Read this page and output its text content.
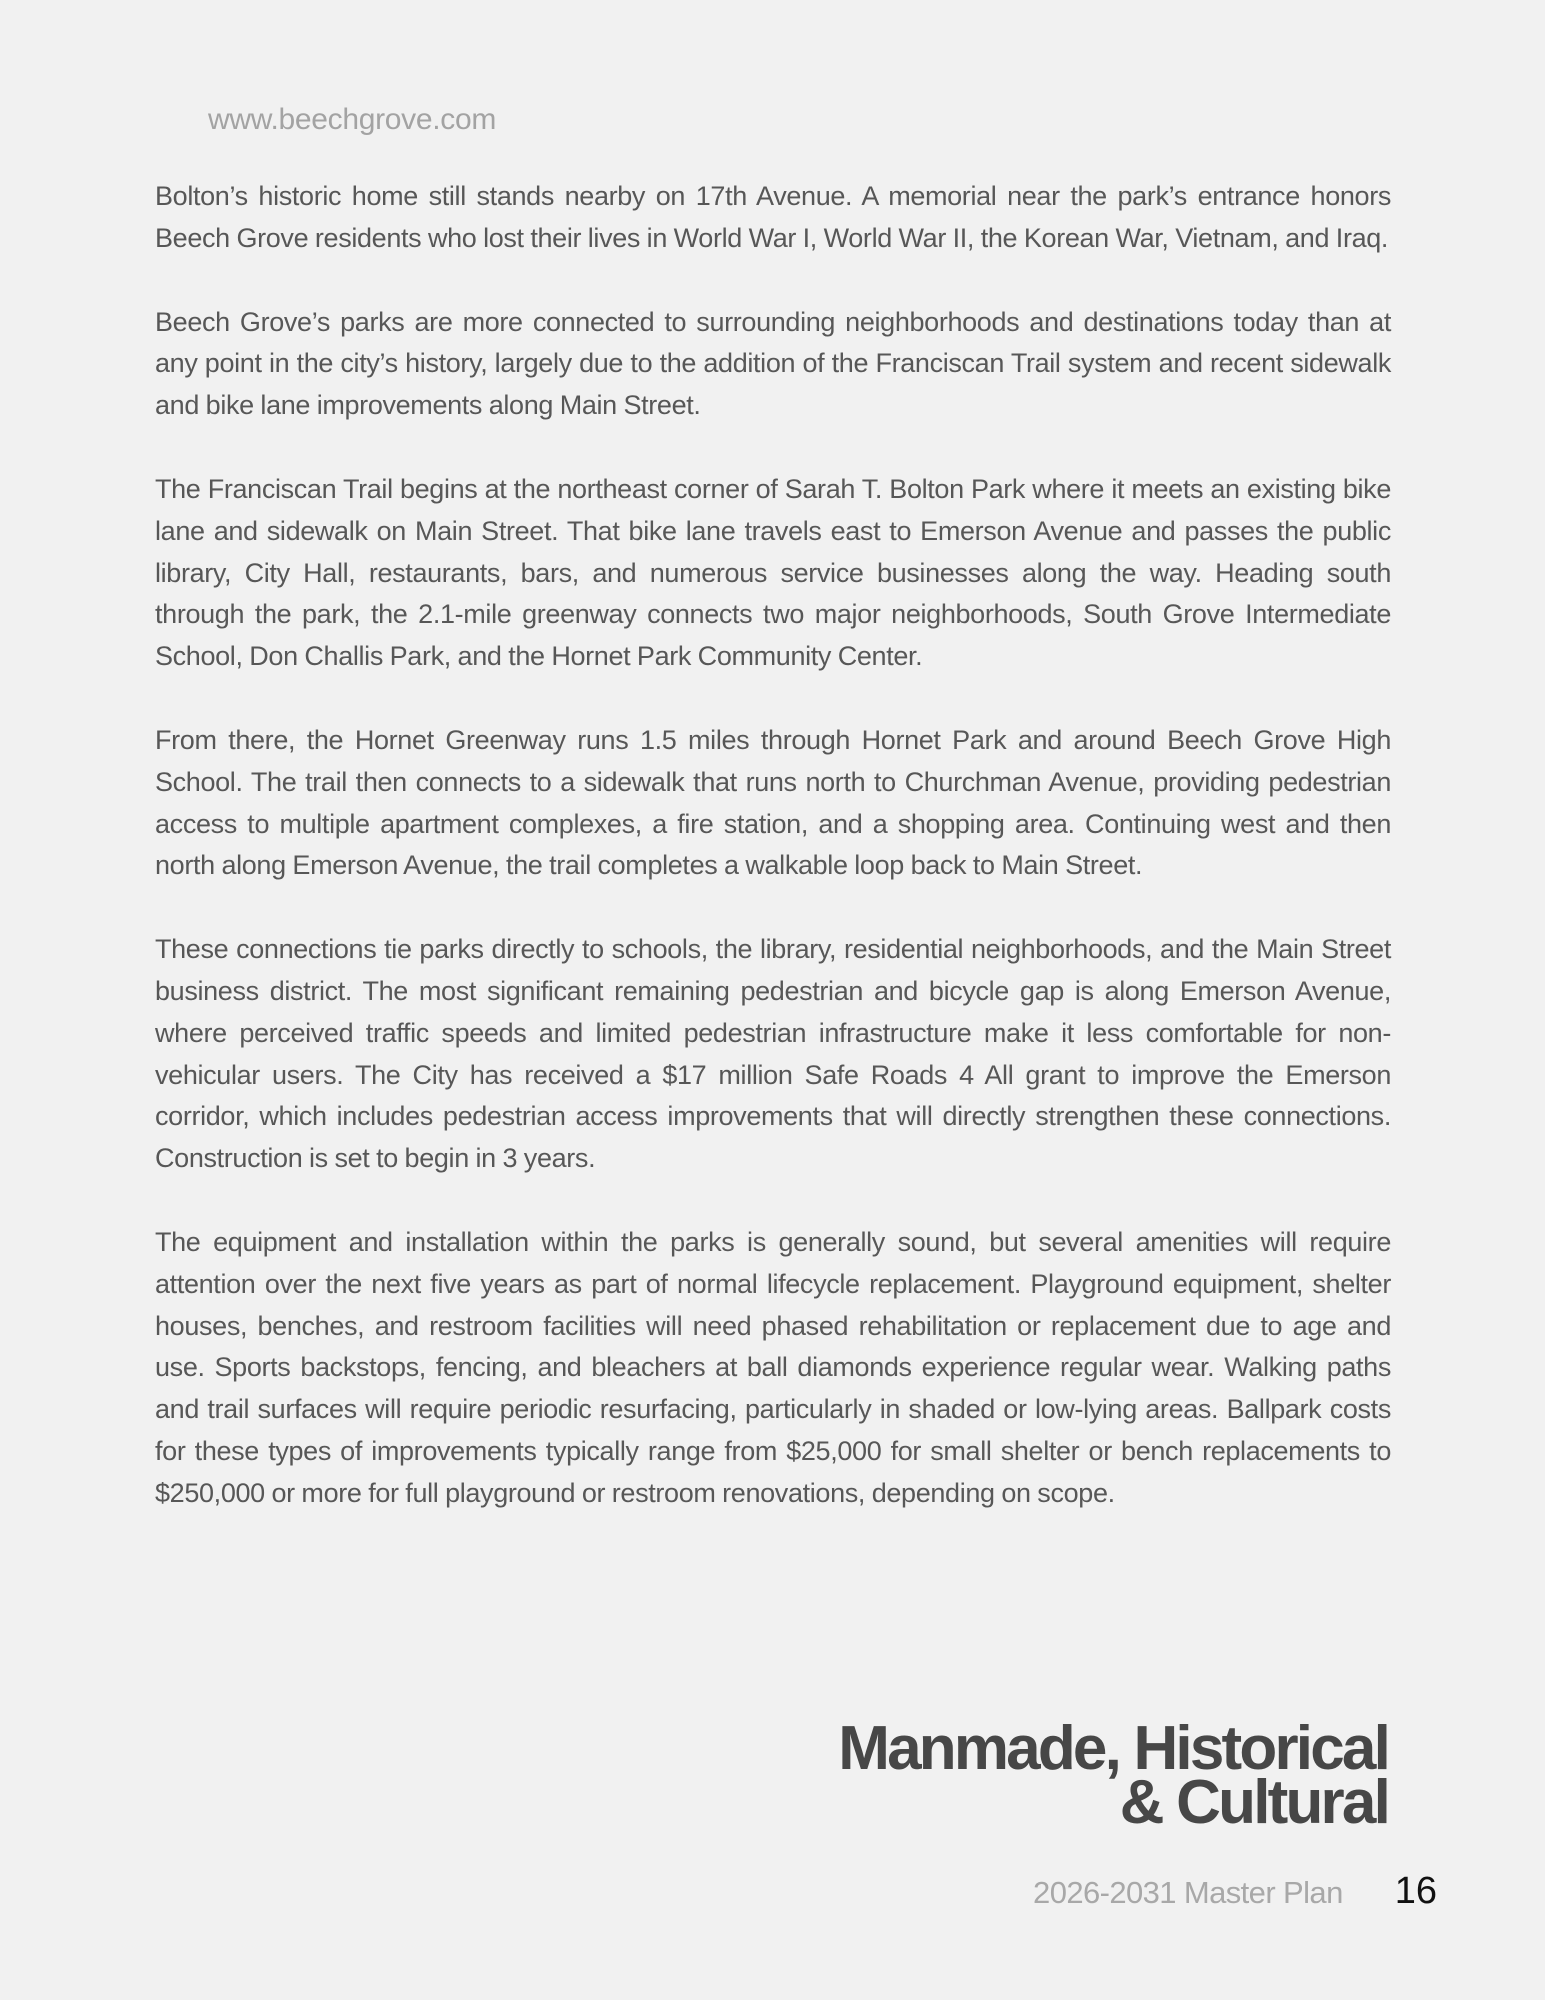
www.beechgrove.com

Bolton’s historic home still stands nearby on 17th Avenue. A memorial near the park’s entrance honors Beech Grove residents who lost their lives in World War I, World War II, the Korean War, Vietnam, and Iraq.

Beech Grove’s parks are more connected to surrounding neighborhoods and destinations today than at any point in the city’s history, largely due to the addition of the Franciscan Trail system and recent sidewalk and bike lane improvements along Main Street.

The Franciscan Trail begins at the northeast corner of Sarah T. Bolton Park where it meets an existing bike lane and sidewalk on Main Street. That bike lane travels east to Emerson Avenue and passes the public library, City Hall, restaurants, bars, and numerous service businesses along the way. Heading south through the park, the 2.1-mile greenway connects two major neighborhoods, South Grove Intermediate School, Don Challis Park, and the Hornet Park Community Center.

From there, the Hornet Greenway runs 1.5 miles through Hornet Park and around Beech Grove High School. The trail then connects to a sidewalk that runs north to Churchman Avenue, providing pedestrian access to multiple apartment complexes, a fire station, and a shopping area. Continuing west and then north along Emerson Avenue, the trail completes a walkable loop back to Main Street.

These connections tie parks directly to schools, the library, residential neighborhoods, and the Main Street business district. The most significant remaining pedestrian and bicycle gap is along Emerson Avenue, where perceived traffic speeds and limited pedestrian infrastructure make it less comfortable for non-vehicular users. The City has received a $17 million Safe Roads 4 All grant to improve the Emerson corridor, which includes pedestrian access improvements that will directly strengthen these connections. Construction is set to begin in 3 years.

The equipment and installation within the parks is generally sound, but several amenities will require attention over the next five years as part of normal lifecycle replacement. Playground equipment, shelter houses, benches, and restroom facilities will need phased rehabilitation or replacement due to age and use. Sports backstops, fencing, and bleachers at ball diamonds experience regular wear. Walking paths and trail surfaces will require periodic resurfacing, particularly in shaded or low-lying areas. Ballpark costs for these types of improvements typically range from $25,000 for small shelter or bench replacements to $250,000 or more for full playground or restroom renovations, depending on scope.

Manmade, Historical
& Cultural
2026-2031 Master Plan 16
